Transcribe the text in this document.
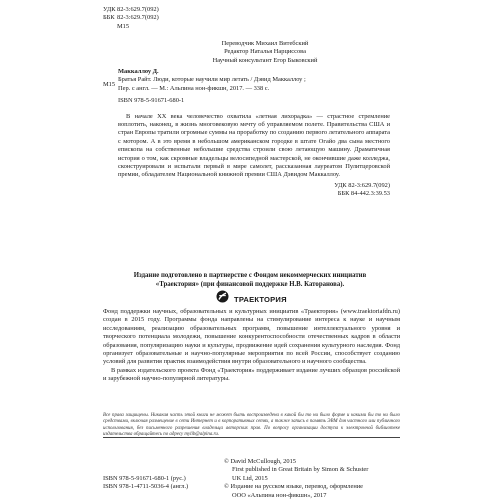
УДК 82-3:629.7(092)
ББК 82-3:629.7(092)
М15
Переводчик Михаил Витебский
Редактор Наталья Нарциссова
Научный консультант Егор Быковский
М15
Маккаллоу Д.
Братья Райт. Люди, которые научили мир летать / Дэвид Маккаллоу ;
Пер. с англ. — М.: Альпина нон-фикшн, 2017. — 338 с.
ISBN 978-5-91671-680-1
В начале XX века человечество охватила «летная лихорадка» — страстное стремление воплотить, наконец, в жизнь многовековую мечту об управляемом полете. Правительства США и стран Европы тратили огромные суммы на проработку по созданию первого летательного аппарата с мотором. А в это время в небольшом американском городке в штате Огайо два сына местного епископа на собственные небольшие средства строили свою летающую машину. Драматичная история о том, как скромные владельцы велосипедной мастерской, не окончившие даже колледжа, сконструировали и испытали первый в мире самолет, рассказанная лауреатом Пулитцеровской премии, обладателем Национальной книжной премии США Дэвидом Маккаллоу.
УДК 82-3:629.7(092)
ББК 84-442.3:39.53
Издание подготовлено в партнерстве с Фондом некоммерческих инициатив
«Траектория» (при финансовой поддержке Н.В. Каторанова).
ТРАЕКТОРИЯ
Фонд поддержки научных, образовательных и культурных инициатив «Траектория» (www.traektoriafdn.ru) создан в 2015 году. Программы фонда направлены на стимулирование интереса к науке и научным исследованиям, реализацию образовательных программ, повышение интеллектуального уровня и творческого потенциала молодежи, повышение конкурентоспособности отечественных кадров в области образования, популяризацию науки и культуры, продвижение идей сохранения культурного наследия. Фонд организует образовательные и научно-популярные мероприятия по всей России, способствует созданию условий для развития практик взаимодействия внутри образовательного и научного сообщества.
В рамках издательского проекта Фонд «Траектория» поддерживает издание лучших образцов российской и зарубежной научно-популярной литературы.
Все права защищены. Никакая часть этой книги не может быть воспроизведена в какой бы то ни было форме и какими бы то ни было средствами, включая размещение в сети Интернет и в корпоративных сетях, а также запись в память ЭВМ для частного или публичного использования, без письменного разрешения владельца авторских прав. По вопросу организации доступа к электронной библиотеке издательства обращайтесь по адресу mylib@alpina.ru.
ISBN 978-5-91671-680-1 (рус.)
ISBN 978-1-4711-5036-4 (англ.)
© David McCullough, 2015
First published in Great Britain by Simon & Schuster
UK Ltd, 2015
© Издание на русском языке, перевод, оформление
ООО «Альпина нон-фикшн», 2017
